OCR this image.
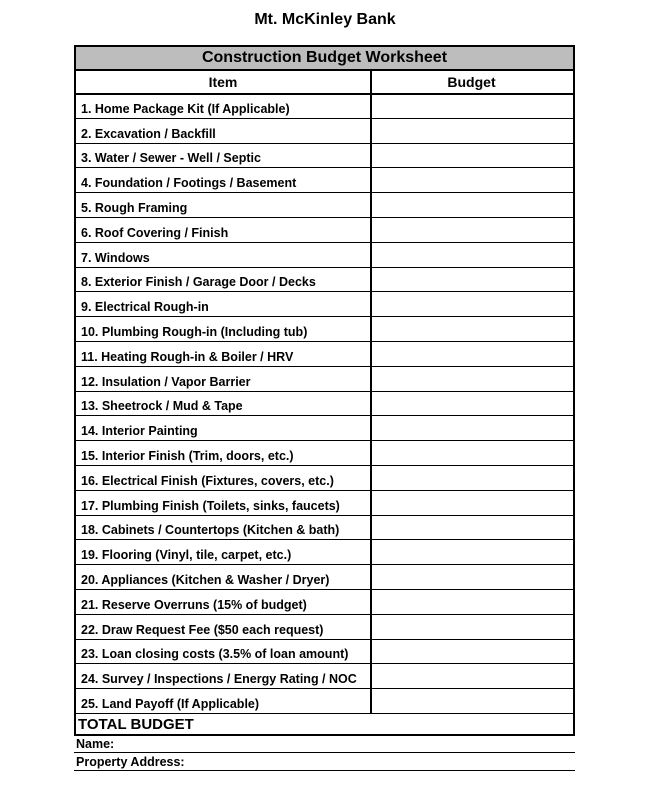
Mt. McKinley Bank
Construction Budget Worksheet
Item	Budget
1. Home Package Kit (If Applicable)
2. Excavation / Backfill
3. Water / Sewer - Well / Septic
4. Foundation / Footings / Basement
5. Rough Framing
6. Roof Covering / Finish
7. Windows
8. Exterior Finish / Garage Door / Decks
9. Electrical Rough-in
10. Plumbing Rough-in (Including tub)
11. Heating Rough-in & Boiler / HRV
12. Insulation / Vapor Barrier
13. Sheetrock / Mud & Tape
14. Interior Painting
15. Interior Finish (Trim, doors, etc.)
16. Electrical Finish (Fixtures, covers, etc.)
17. Plumbing Finish (Toilets, sinks, faucets)
18. Cabinets / Countertops (Kitchen & bath)
19. Flooring (Vinyl, tile, carpet, etc.)
20. Appliances (Kitchen & Washer / Dryer)
21. Reserve Overruns (15% of budget)
22. Draw Request Fee ($50 each request)
23. Loan closing costs (3.5% of loan amount)
24. Survey / Inspections / Energy Rating / NOC
25. Land Payoff (If Applicable)
TOTAL BUDGET
Name:
Property Address:
